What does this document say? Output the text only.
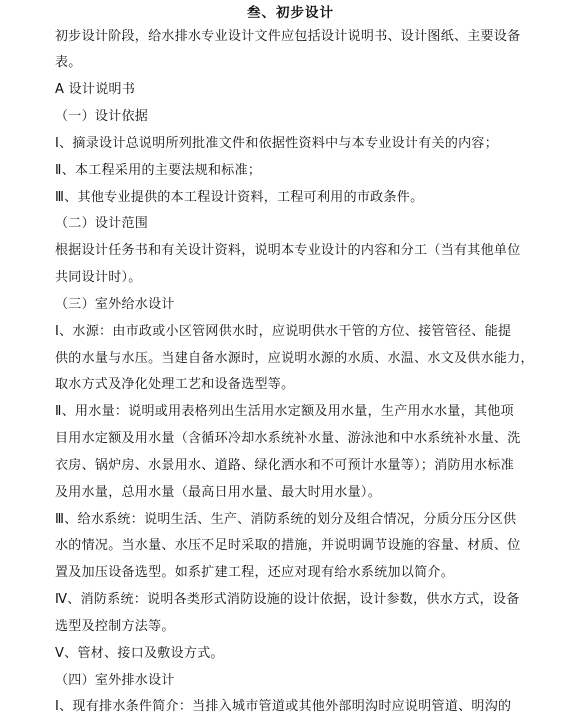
叁、初步设计
初步设计阶段，给水排水专业设计文件应包括设计说明书、设计图纸、主要设备
表。
A 设计说明书
（一）设计依据
Ⅰ、摘录设计总说明所列批准文件和依据性资料中与本专业设计有关的内容；
Ⅱ、本工程采用的主要法规和标准；
Ⅲ、其他专业提供的本工程设计资料，工程可利用的市政条件。
（二）设计范围
根据设计任务书和有关设计资料，说明本专业设计的内容和分工（当有其他单位
共同设计时）。
（三）室外给水设计
Ⅰ、水源：由市政或小区管网供水时，应说明供水干管的方位、接管管径、能提
供的水量与水压。当建自备水源时，应说明水源的水质、水温、水文及供水能力，
取水方式及净化处理工艺和设备选型等。
Ⅱ、用水量：说明或用表格列出生活用水定额及用水量，生产用水水量，其他项
目用水定额及用水量（含循环冷却水系统补水量、游泳池和中水系统补水量、洗
衣房、锅炉房、水景用水、道路、绿化洒水和不可预计水量等）；消防用水标准
及用水量，总用水量（最高日用水量、最大时用水量）。
Ⅲ、给水系统：说明生活、生产、消防系统的划分及组合情况，分质分压分区供
水的情况。当水量、水压不足时采取的措施，并说明调节设施的容量、材质、位
置及加压设备选型。如系扩建工程，还应对现有给水系统加以简介。
Ⅳ、消防系统：说明各类形式消防设施的设计依据，设计参数，供水方式，设备
选型及控制方法等。
Ⅴ、管材、接口及敷设方式。
（四）室外排水设计
Ⅰ、现有排水条件简介：当排入城市管道或其他外部明沟时应说明管道、明沟的
